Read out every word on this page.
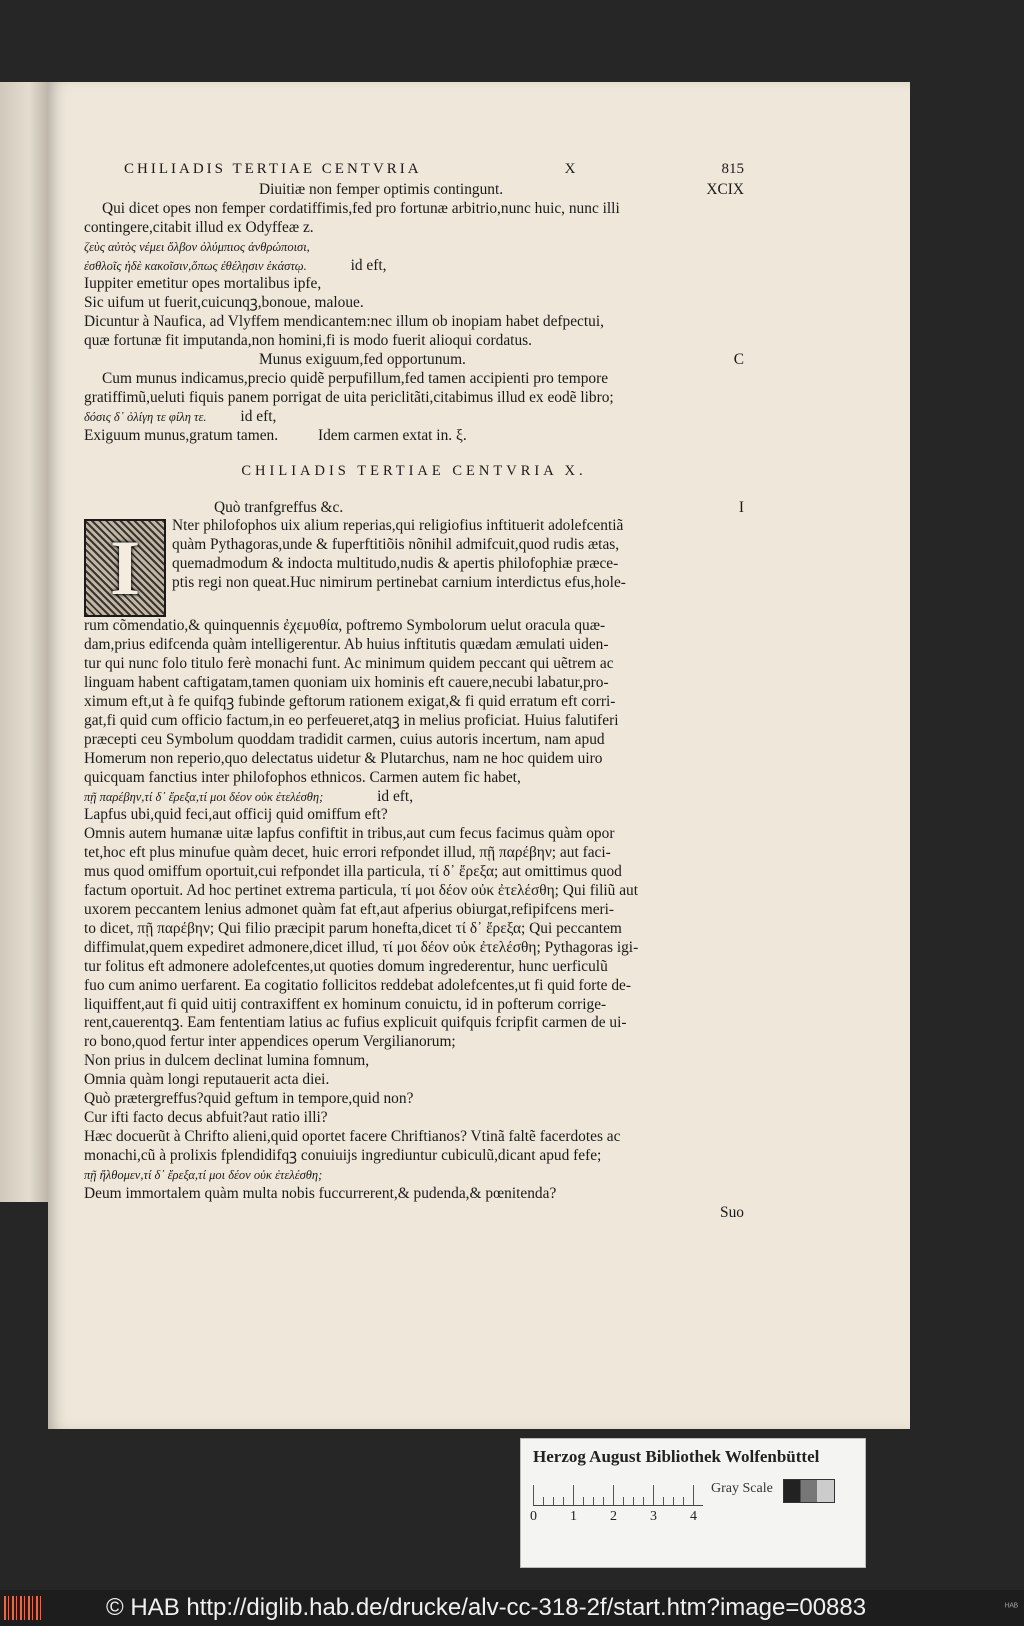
CHILIADIS TERTIAE CENTVRIA	X	815
Diuitiæ non femper optimis contingunt.	XCIX
Qui dicet opes non femper cordatiffimis,fed pro fortunæ arbitrio,nunc huic, nunc illi
contingere,citabit illud ex Odyffeæ z.
ζεὺς αὐτὸς νέμει ὄλβον ὀλύμπιος ἀνθρώποισι,
ἐσθλοῖς ἠδὲ κακοῖσιν,ὅπως ἐθέλῃσιν ἑκάστῳ.	id eft,
Iuppiter emetitur opes mortalibus ipfe,
Sic uifum ut fuerit,cuicunqꝫ,bonoue, maloue.
Dicuntur à Naufica, ad Vlyffem mendicantem:nec illum ob inopiam habet defpectui,
quæ fortunæ fit imputanda,non homini,fi is modo fuerit alioqui cordatus.
Munus exiguum,fed opportunum.	C
Cum munus indicamus,precio quidẽ perpufillum,fed tamen accipienti pro tempore
gratiffimũ,ueluti fiquis panem porrigat de uita periclitãti,citabimus illud ex eodẽ libro;
δόσις δ᾽ ὀλίγη τε φίλη τε. id eft,
Exiguum munus,gratum tamen.	Idem carmen extat in. ξ.
CHILIADIS TERTIAE CENTVRIA X.
Quò tranfgreffus &c.	I
I Nter philofophos uix alium reperias,qui religiofius inftituerit adolefcentiã
quàm Pythagoras,unde & fuperftitiõis nõnihil admifcuit,quod rudis ætas,
quemadmodum & indocta multitudo,nudis & apertis philofophiæ præce-
ptis regi non queat.Huc nimirum pertinebat carnium interdictus efus,hole-
rum cõmendatio,& quinquennis ἐχεμυθία, poftremo Symbolorum uelut oracula quæ-
dam,prius edifcenda quàm intelligerentur. Ab huius inftitutis quædam æmulati uiden-
tur qui nunc folo titulo ferè monachi funt. Ac minimum quidem peccant qui uẽtrem ac
linguam habent caftigatam,tamen quoniam uix hominis eft cauere,necubi labatur,pro-
ximum eft,ut à fe quifqꝫ fubinde geftorum rationem exigat,& fi quid erratum eft corri-
gat,fi quid cum officio factum,in eo perfeueret,atqꝫ in melius proficiat. Huius falutiferi
præcepti ceu Symbolum quoddam tradidit carmen, cuius autoris incertum, nam apud
Homerum non reperio,quo delectatus uidetur & Plutarchus, nam ne hoc quidem uiro
quicquam fanctius inter philofophos ethnicos. Carmen autem fic habet,
πῇ παρέβην,τί δ᾽ ἔρεξα,τί μοι δέον οὐκ ἐτελέσθη;	id eft,
Lapfus ubi,quid feci,aut officij quid omiffum eft?
Omnis autem humanæ uitæ lapfus confiftit in tribus,aut cum fecus facimus quàm opor
tet,hoc eft plus minufue quàm decet, huic errori refpondet illud, πῇ παρέβην; aut faci-
mus quod omiffum oportuit,cui refpondet illa particula, τί δ᾽ ἔρεξα; aut omittimus quod
factum oportuit. Ad hoc pertinet extrema particula, τί μοι δέον οὐκ ἐτελέσθη; Qui filiũ aut
uxorem peccantem lenius admonet quàm fat eft,aut afperius obiurgat,refipifcens meri-
to dicet, πῇ παρέβην; Qui filio præcipit parum honefta,dicet τί δ᾽ ἔρεξα; Qui peccantem
diffimulat,quem expediret admonere,dicet illud, τί μοι δέον οὐκ ἐτελέσθη; Pythagoras igi-
tur folitus eft admonere adolefcentes,ut quoties domum ingrederentur, hunc uerficulũ
fuo cum animo uerfarent. Ea cogitatio follicitos reddebat adolefcentes,ut fi quid forte de-
liquiffent,aut fi quid uitij contraxiffent ex hominum conuictu, id in pofterum corrige-
rent,cauerentqꝫ. Eam fententiam latius ac fufius explicuit quifquis fcripfit carmen de ui-
ro bono,quod fertur inter appendices operum Vergilianorum;
Non prius in dulcem declinat lumina fomnum,
Omnia quàm longi reputauerit acta diei.
Quò prætergreffus?quid geftum in tempore,quid non?
Cur ifti facto decus abfuit?aut ratio illi?
Hæc docuerũt à Chrifto alieni,quid oportet facere Chriftianos? Vtinã faltẽ facerdotes ac
monachi,cũ à prolixis fplendidifqꝫ conuiuijs ingrediuntur cubiculũ,dicant apud fefe;
πῇ ἤλθομεν,τί δ᾽ ἔρεξα,τί μοι δέον οὐκ ἐτελέσθη;
Deum immortalem quàm multa nobis fuccurrerent,& pudenda,& pœnitenda?
Suo
Herzog August Bibliothek Wolfenbüttel
0 1 2 3 4
Gray Scale
© HAB http://diglib.hab.de/drucke/alv-cc-318-2f/start.htm?image=00883	ᴴᴬᴮ
